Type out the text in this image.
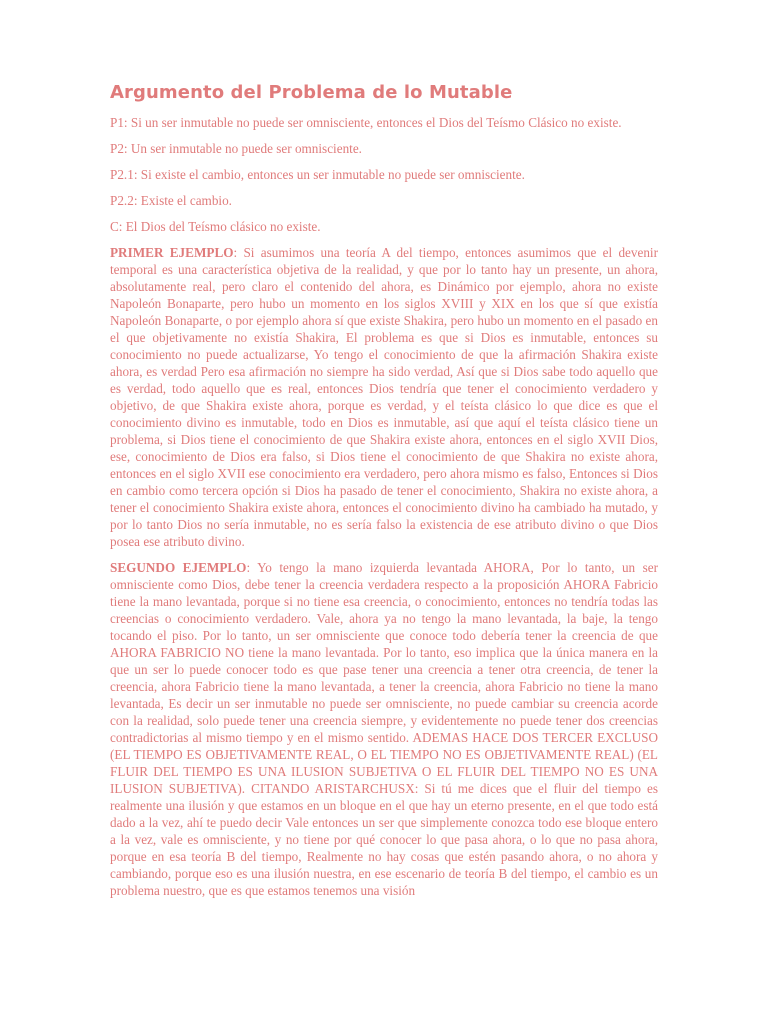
Argumento del Problema de lo Mutable

P1: Si un ser inmutable no puede ser omnisciente, entonces el Dios del Teísmo Clásico no existe.

P2: Un ser inmutable no puede ser omnisciente.

P2.1: Si existe el cambio, entonces un ser inmutable no puede ser omnisciente.

P2.2: Existe el cambio.

C: El Dios del Teísmo clásico no existe.

PRIMER EJEMPLO: Si asumimos una teoría A del tiempo, entonces asumimos que el devenir temporal es una característica objetiva de la realidad, y que por lo tanto hay un presente, un ahora, absolutamente real, pero claro el contenido del ahora, es Dinámico por ejemplo, ahora no existe Napoleón Bonaparte, pero hubo un momento en los siglos XVIII y XIX en los que sí que existía Napoleón Bonaparte, o por ejemplo ahora sí que existe Shakira, pero hubo un momento en el pasado en el que objetivamente no existía Shakira, El problema es que si Dios es inmutable, entonces su conocimiento no puede actualizarse, Yo tengo el conocimiento de que la afirmación Shakira existe ahora, es verdad Pero esa afirmación no siempre ha sido verdad, Así que si Dios sabe todo aquello que es verdad, todo aquello que es real, entonces Dios tendría que tener el conocimiento verdadero y objetivo, de que Shakira existe ahora, porque es verdad, y el teísta clásico lo que dice es que el conocimiento divino es inmutable, todo en Dios es inmutable, así que aquí el teísta clásico tiene un problema, si Dios tiene el conocimiento de que Shakira existe ahora, entonces en el siglo XVII Dios, ese, conocimiento de Dios era falso, si Dios tiene el conocimiento de que Shakira no existe ahora, entonces en el siglo XVII ese conocimiento era verdadero, pero ahora mismo es falso, Entonces si Dios en cambio como tercera opción si Dios ha pasado de tener el conocimiento, Shakira no existe ahora, a tener el conocimiento Shakira existe ahora, entonces el conocimiento divino ha cambiado ha mutado, y por lo tanto Dios no sería inmutable, no es sería falso la existencia de ese atributo divino o que Dios posea ese atributo divino.

SEGUNDO EJEMPLO: Yo tengo la mano izquierda levantada AHORA, Por lo tanto, un ser omnisciente como Dios, debe tener la creencia verdadera respecto a la proposición AHORA Fabricio tiene la mano levantada, porque si no tiene esa creencia, o conocimiento, entonces no tendría todas las creencias o conocimiento verdadero. Vale, ahora ya no tengo la mano levantada, la baje, la tengo tocando el piso. Por lo tanto, un ser omnisciente que conoce todo debería tener la creencia de que AHORA FABRICIO NO tiene la mano levantada. Por lo tanto, eso implica que la única manera en la que un ser lo puede conocer todo es que pase tener una creencia a tener otra creencia, de tener la creencia, ahora Fabricio tiene la mano levantada, a tener la creencia, ahora Fabricio no tiene la mano levantada, Es decir un ser inmutable no puede ser omnisciente, no puede cambiar su creencia acorde con la realidad, solo puede tener una creencia siempre, y evidentemente no puede tener dos creencias contradictorias al mismo tiempo y en el mismo sentido. ADEMAS HACE DOS TERCER EXCLUSO (EL TIEMPO ES OBJETIVAMENTE REAL, O EL TIEMPO NO ES OBJETIVAMENTE REAL) (EL FLUIR DEL TIEMPO ES UNA ILUSION SUBJETIVA O EL FLUIR DEL TIEMPO NO ES UNA ILUSION SUBJETIVA). CITANDO ARISTARCHUSX: Si tú me dices que el fluir del tiempo es realmente una ilusión y que estamos en un bloque en el que hay un eterno presente, en el que todo está dado a la vez, ahí te puedo decir Vale entonces un ser que simplemente conozca todo ese bloque entero a la vez, vale es omnisciente, y no tiene por qué conocer lo que pasa ahora, o lo que no pasa ahora, porque en esa teoría B del tiempo, Realmente no hay cosas que estén pasando ahora, o no ahora y cambiando, porque eso es una ilusión nuestra, en ese escenario de teoría B del tiempo, el cambio es un problema nuestro, que es que estamos tenemos una visión
